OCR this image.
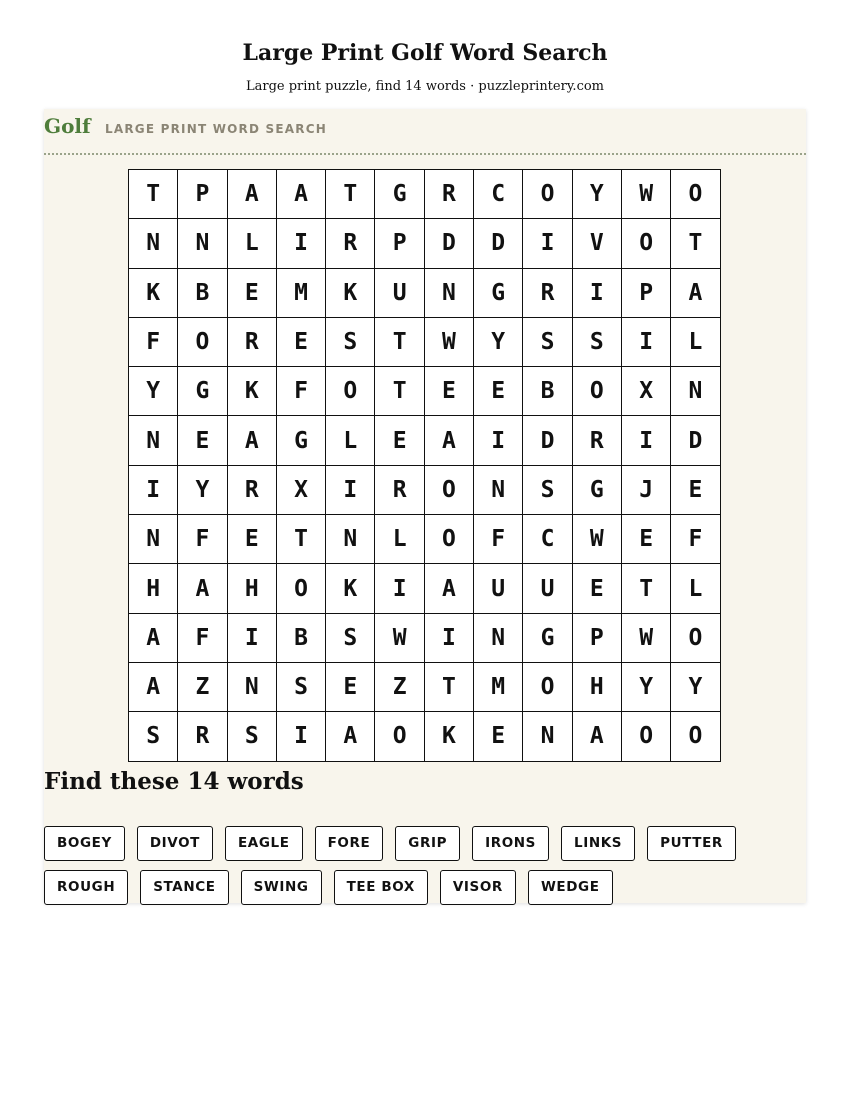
Large Print Golf Word Search
Large print puzzle, find 14 words · puzzleprintery.com
Golf LARGE PRINT WORD SEARCH
T	P	A	A	T	G	R	C	O	Y	W	O
N	N	L	I	R	P	D	D	I	V	O	T
K	B	E	M	K	U	N	G	R	I	P	A
F	O	R	E	S	T	W	Y	S	S	I	L
Y	G	K	F	O	T	E	E	B	O	X	N
N	E	A	G	L	E	A	I	D	R	I	D
I	Y	R	X	I	R	O	N	S	G	J	E
N	F	E	T	N	L	O	F	C	W	E	F
H	A	H	O	K	I	A	U	U	E	T	L
A	F	I	B	S	W	I	N	G	P	W	O
A	Z	N	S	E	Z	T	M	O	H	Y	Y
S	R	S	I	A	O	K	E	N	A	O	O
Find these 14 words
BOGEY	DIVOT	EAGLE	FORE	GRIP	IRONS	LINKS	PUTTER
ROUGH	STANCE	SWING	TEE BOX	VISOR	WEDGE
